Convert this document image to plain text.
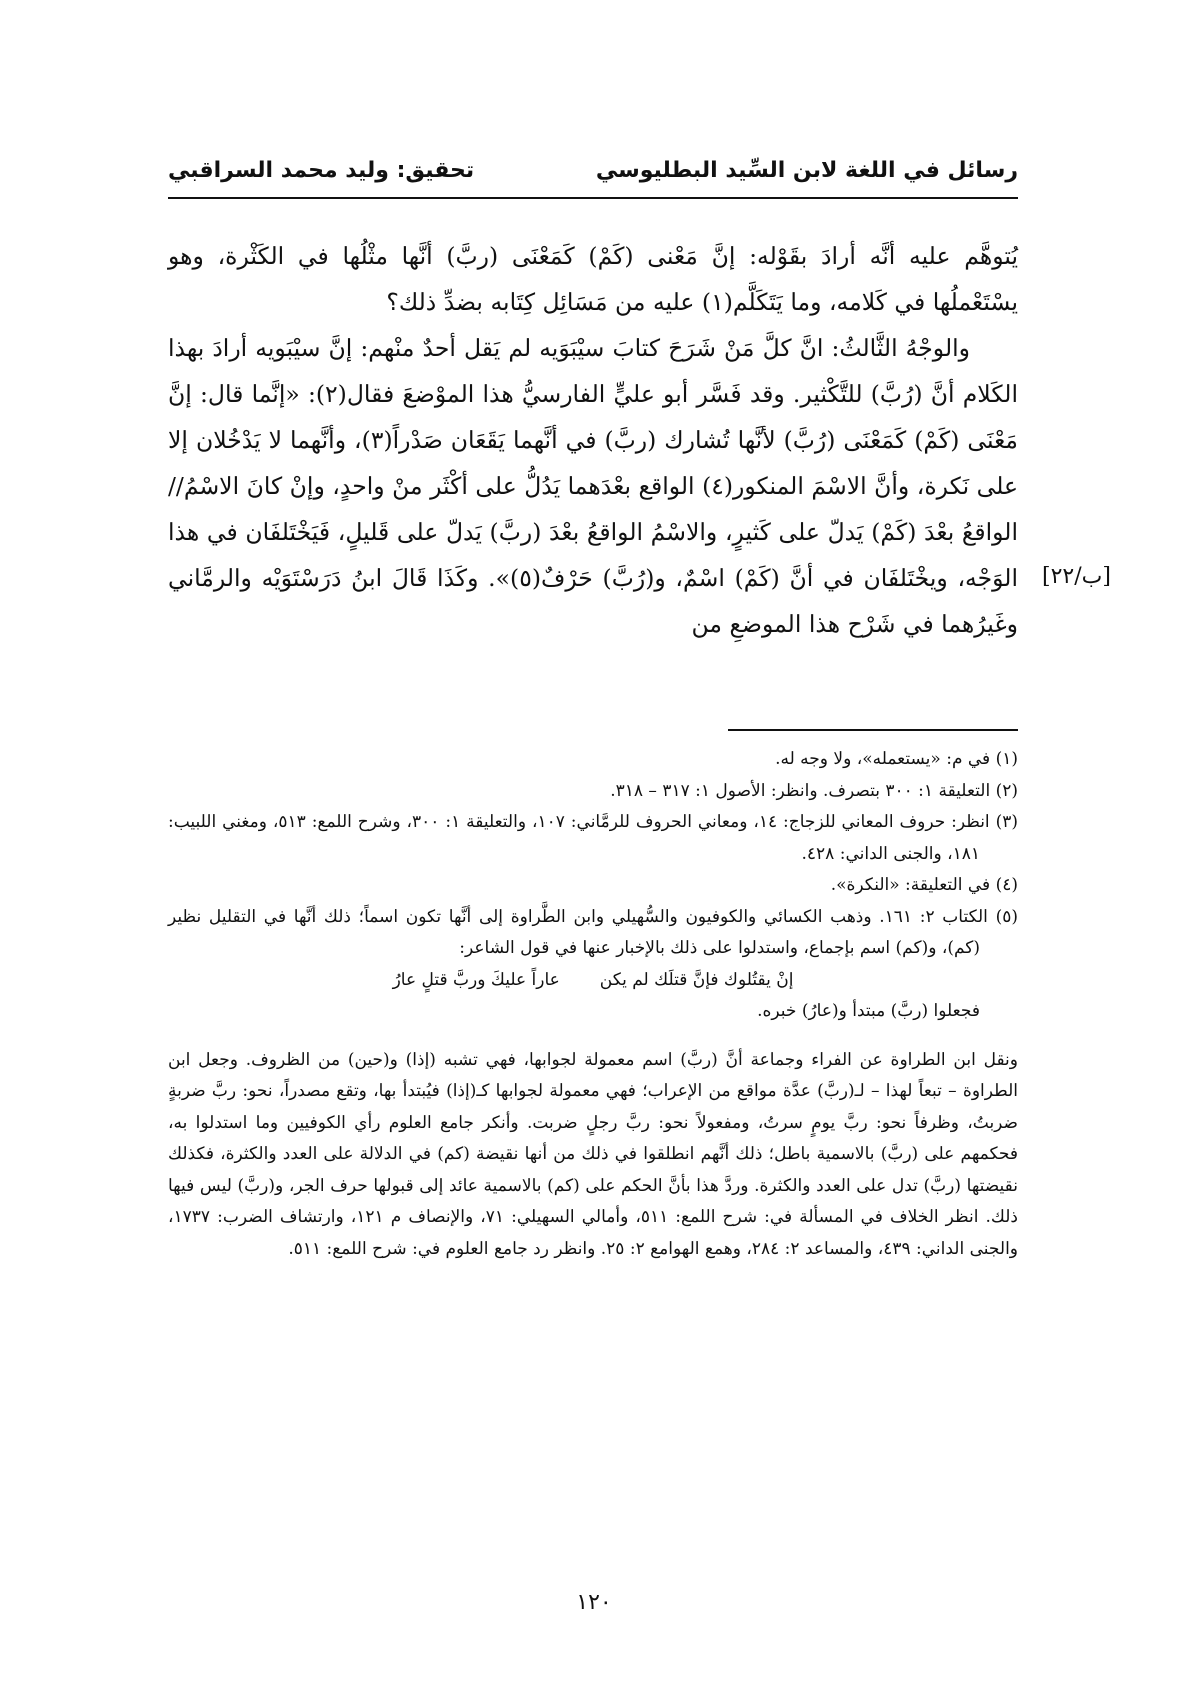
رسائل في اللغة لابن السِّيد البطليوسي
تحقيق: وليد محمد السراقبي

يُتوهَّم عليه أنَّه أرادَ بقَوْله: إنَّ مَعْنى (كَمْ) كَمَعْنَى (ربَّ) أنَّها مثْلُها في الكَثْرة، وهو يسْتَعْملُها في كَلامه، وما يَتَكَلَّم(١) عليه من مَسَائِل كِتَابه بضدِّ ذلك؟

والوجْهُ الثَّالثُ: انَّ كلَّ مَنْ شَرَحَ كتابَ سيْبَوَيه لم يَقل أحدٌ منْهم: إنَّ سيْبَويه أرادَ بهذا الكَلام أنَّ (رُبَّ) للتَّكْثير. وقد فَسَّر أبو عليٍّ الفارسيُّ هذا الموْضعَ فقال(٢): «إنَّما قال: إنَّ مَعْنَى (كَمْ) كَمَعْنَى (رُبَّ) لأنَّها تُشارك (ربَّ) في أنَّهما يَقَعَان صَدْراً(٣)، وأنَّهما لا يَدْخُلان إلا على نَكرة، وأنَّ الاسْمَ المنكور(٤) الواقع بعْدَهما يَدُلُّ على أكْثَر منْ واحدٍ، وإنْ كانَ الاسْمُ// الواقعُ بعْدَ (كَمْ) يَدلّ على كَثيرٍ، والاسْمُ الواقعُ بعْدَ (ربَّ) يَدلّ على قَليلٍ، فَيَخْتَلفَان في هذا الوَجْه، ويخْتَلفَان في أنَّ (كَمْ) اسْمٌ، و(رُبَّ) حَرْفٌ(٥)». وكَذَا قَالَ ابنُ دَرَسْتَوَيْه والرمَّاني وغَيرُهما في شَرْح هذا الموضعِ من

[۲۲/ب]

(١) في م: «يستعمله»، ولا وجه له.

(٢) التعليقة ١: ٣٠٠ بتصرف. وانظر: الأصول ١: ٣١٧ – ٣١٨.

(٣) انظر: حروف المعاني للزجاج: ١٤، ومعاني الحروف للرمَّاني: ١٠٧، والتعليقة ١: ٣٠٠، وشرح اللمع: ٥١٣، ومغني اللبيب: ١٨١، والجنى الداني: ٤٢٨.

(٤) في التعليقة: «النكرة».

(٥) الكتاب ٢: ١٦١. وذهب الكسائي والكوفيون والسُّهيلي وابن الطَّراوة إلى أنَّها تكون اسماً؛ ذلك أنَّها في التقليل نظير (كم)، و(كم) اسم بإجماع، واستدلوا على ذلك بالإخبار عنها في قول الشاعر:

إنْ يقتُلوك فإنَّ قتلَك لم يكن
عاراً عليكَ وربَّ قتلٍ عارُ

فجعلوا (ربَّ) مبتدأ و(عارُ) خبره.

ونقل ابن الطراوة عن الفراء وجماعة أنَّ (ربَّ) اسم معمولة لجوابها، فهي تشبه (إذا) و(حين) من الظروف. وجعل ابن الطراوة – تبعاً لهذا – لـ(ربَّ) عدَّة مواقع من الإعراب؛ فهي معمولة لجوابها كـ(إذا) فيُبتدأ بها، وتقع مصدراً، نحو: ربَّ ضربةٍ ضربتُ، وظرفاً نحو: ربَّ يومٍ سرتُ، ومفعولاً نحو: ربَّ رجلٍ ضربت. وأنكر جامع العلوم رأي الكوفيين وما استدلوا به، فحكمهم على (ربَّ) بالاسمية باطل؛ ذلك أنَّهم انطلقوا في ذلك من أنها نقيضة (كم) في الدلالة على العدد والكثرة، فكذلك نقيضتها (ربَّ) تدل على العدد والكثرة. وردَّ هذا بأنَّ الحكم على (كم) بالاسمية عائد إلى قبولها حرف الجر، و(ربَّ) ليس فيها ذلك. انظر الخلاف في المسألة في: شرح اللمع: ٥١١، وأمالي السهيلي: ٧١، والإنصاف م ١٢١، وارتشاف الضرب: ١٧٣٧، والجنى الداني: ٤٣٩، والمساعد ٢: ٢٨٤، وهمع الهوامع ٢: ٢٥. وانظر رد جامع العلوم في: شرح اللمع: ٥١١.

١٢٠
